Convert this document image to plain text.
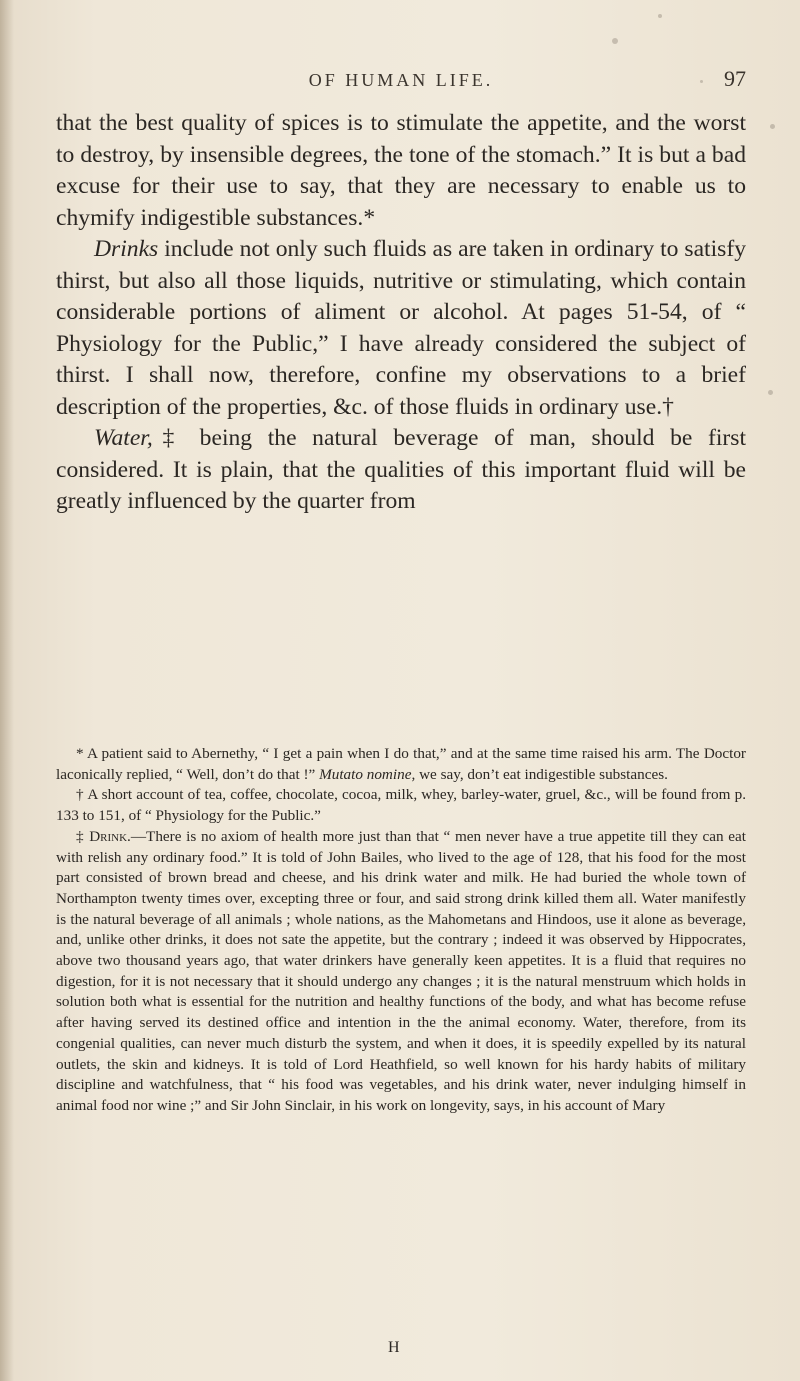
OF HUMAN LIFE.	97

that the best quality of spices is to stimulate the appetite, and the worst to destroy, by insensible degrees, the tone of the stomach.” It is but a bad excuse for their use to say, that they are necessary to enable us to chymify indigestible substances.*

Drinks include not only such fluids as are taken in ordinary to satisfy thirst, but also all those liquids, nutritive or stimulating, which contain considerable portions of aliment or alcohol. At pages 51-54, of “ Physiology for the Public,” I have already considered the subject of thirst. I shall now, therefore, confine my observations to a brief description of the properties, &c. of those fluids in ordinary use.†

Water,‡ being the natural beverage of man, should be first considered. It is plain, that the qualities of this important fluid will be greatly influenced by the quarter from

* A patient said to Abernethy, “ I get a pain when I do that,” and at the same time raised his arm. The Doctor laconically replied, “ Well, don’t do that !” Mutato nomine, we say, don’t eat indigestible substances.

† A short account of tea, coffee, chocolate, cocoa, milk, whey, barley-water, gruel, &c., will be found from p. 133 to 151, of “ Physiology for the Public.”

‡ Drink.—There is no axiom of health more just than that “ men never have a true appetite till they can eat with relish any ordinary food.” It is told of John Bailes, who lived to the age of 128, that his food for the most part consisted of brown bread and cheese, and his drink water and milk. He had buried the whole town of Northampton twenty times over, excepting three or four, and said strong drink killed them all. Water manifestly is the natural beverage of all animals ; whole nations, as the Mahometans and Hindoos, use it alone as beverage, and, unlike other drinks, it does not sate the appetite, but the contrary ; indeed it was observed by Hippocrates, above two thousand years ago, that water drinkers have generally keen appetites. It is a fluid that requires no digestion, for it is not necessary that it should undergo any changes ; it is the natural menstruum which holds in solution both what is essential for the nutrition and healthy functions of the body, and what has become refuse after having served its destined office and intention in the the animal economy. Water, therefore, from its congenial qualities, can never much disturb the system, and when it does, it is speedily expelled by its natural outlets, the skin and kidneys. It is told of Lord Heathfield, so well known for his hardy habits of military discipline and watchfulness, that “ his food was vegetables, and his drink water, never indulging himself in animal food nor wine ;” and Sir John Sinclair, in his work on longevity, says, in his account of Mary

H
